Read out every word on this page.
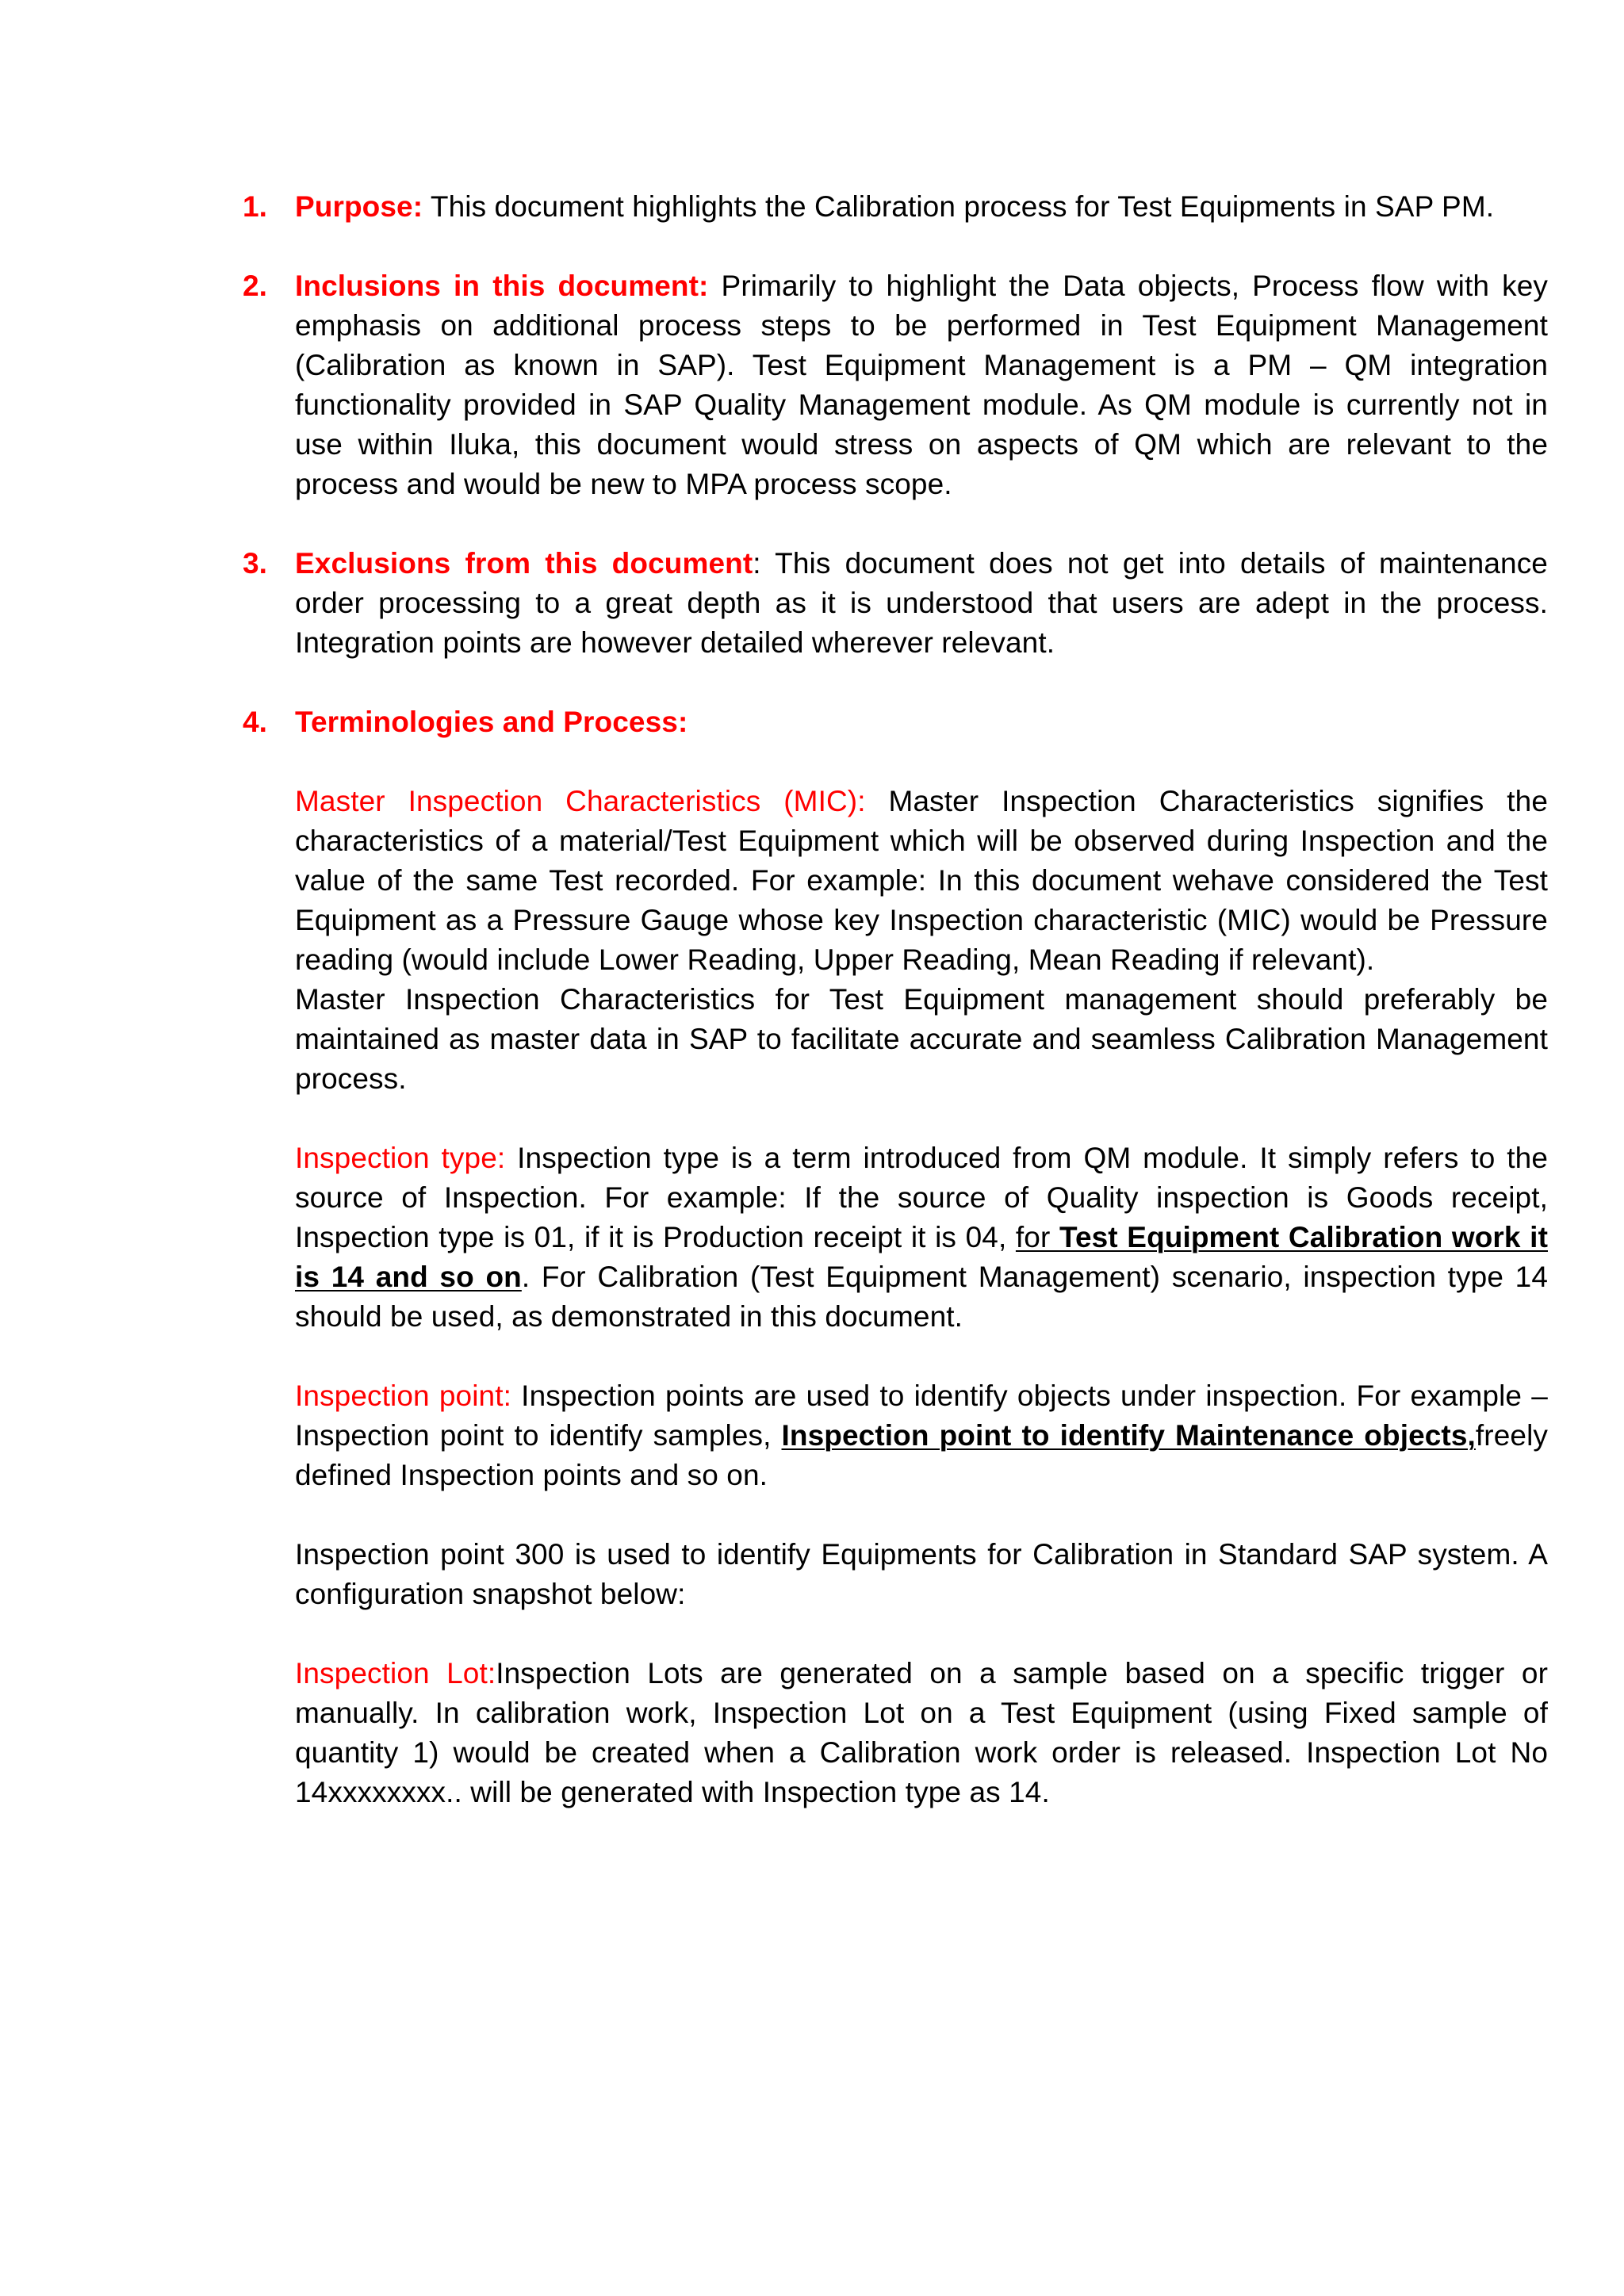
1. Purpose: This document highlights the Calibration process for Test Equipments in SAP PM.

2. Inclusions in this document: Primarily to highlight the Data objects, Process flow with key emphasis on additional process steps to be performed in Test Equipment Management (Calibration as known in SAP). Test Equipment Management is a PM – QM integration functionality provided in SAP Quality Management module. As QM module is currently not in use within Iluka, this document would stress on aspects of QM which are relevant to the process and would be new to MPA process scope.

3. Exclusions from this document: This document does not get into details of maintenance order processing to a great depth as it is understood that users are adept in the process. Integration points are however detailed wherever relevant.

4. Terminologies and Process:

Master Inspection Characteristics (MIC): Master Inspection Characteristics signifies the characteristics of a material/Test Equipment which will be observed during Inspection and the value of the same Test recorded. For example: In this document wehave considered the Test Equipment as a Pressure Gauge whose key Inspection characteristic (MIC) would be Pressure reading (would include Lower Reading, Upper Reading, Mean Reading if relevant).

Master Inspection Characteristics for Test Equipment management should preferably be maintained as master data in SAP to facilitate accurate and seamless Calibration Management process.

Inspection type: Inspection type is a term introduced from QM module. It simply refers to the source of Inspection. For example: If the source of Quality inspection is Goods receipt, Inspection type is 01, if it is Production receipt it is 04, for Test Equipment Calibration work it is 14 and so on. For Calibration (Test Equipment Management) scenario, inspection type 14 should be used, as demonstrated in this document.

Inspection point: Inspection points are used to identify objects under inspection. For example – Inspection point to identify samples, Inspection point to identify Maintenance objects,freely defined Inspection points and so on.

Inspection point 300 is used to identify Equipments for Calibration in Standard SAP system. A configuration snapshot below:

Inspection Lot:Inspection Lots are generated on a sample based on a specific trigger or manually. In calibration work, Inspection Lot on a Test Equipment (using Fixed sample of quantity 1) would be created when a Calibration work order is released. Inspection Lot No 14xxxxxxxx.. will be generated with Inspection type as 14.
